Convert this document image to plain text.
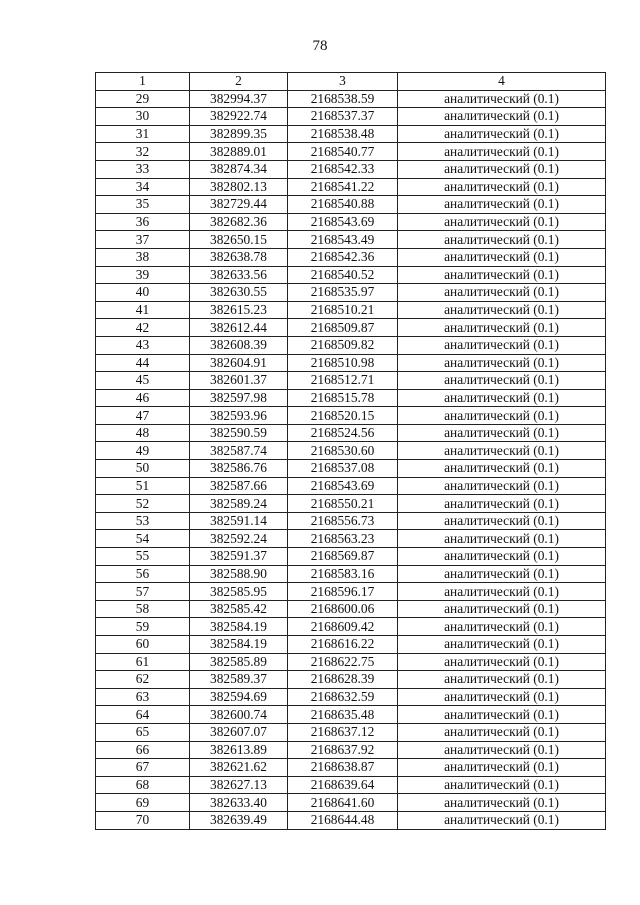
78
1	2	3	4
29	382994.37	2168538.59	аналитический (0.1)
30	382922.74	2168537.37	аналитический (0.1)
31	382899.35	2168538.48	аналитический (0.1)
32	382889.01	2168540.77	аналитический (0.1)
33	382874.34	2168542.33	аналитический (0.1)
34	382802.13	2168541.22	аналитический (0.1)
35	382729.44	2168540.88	аналитический (0.1)
36	382682.36	2168543.69	аналитический (0.1)
37	382650.15	2168543.49	аналитический (0.1)
38	382638.78	2168542.36	аналитический (0.1)
39	382633.56	2168540.52	аналитический (0.1)
40	382630.55	2168535.97	аналитический (0.1)
41	382615.23	2168510.21	аналитический (0.1)
42	382612.44	2168509.87	аналитический (0.1)
43	382608.39	2168509.82	аналитический (0.1)
44	382604.91	2168510.98	аналитический (0.1)
45	382601.37	2168512.71	аналитический (0.1)
46	382597.98	2168515.78	аналитический (0.1)
47	382593.96	2168520.15	аналитический (0.1)
48	382590.59	2168524.56	аналитический (0.1)
49	382587.74	2168530.60	аналитический (0.1)
50	382586.76	2168537.08	аналитический (0.1)
51	382587.66	2168543.69	аналитический (0.1)
52	382589.24	2168550.21	аналитический (0.1)
53	382591.14	2168556.73	аналитический (0.1)
54	382592.24	2168563.23	аналитический (0.1)
55	382591.37	2168569.87	аналитический (0.1)
56	382588.90	2168583.16	аналитический (0.1)
57	382585.95	2168596.17	аналитический (0.1)
58	382585.42	2168600.06	аналитический (0.1)
59	382584.19	2168609.42	аналитический (0.1)
60	382584.19	2168616.22	аналитический (0.1)
61	382585.89	2168622.75	аналитический (0.1)
62	382589.37	2168628.39	аналитический (0.1)
63	382594.69	2168632.59	аналитический (0.1)
64	382600.74	2168635.48	аналитический (0.1)
65	382607.07	2168637.12	аналитический (0.1)
66	382613.89	2168637.92	аналитический (0.1)
67	382621.62	2168638.87	аналитический (0.1)
68	382627.13	2168639.64	аналитический (0.1)
69	382633.40	2168641.60	аналитический (0.1)
70	382639.49	2168644.48	аналитический (0.1)
